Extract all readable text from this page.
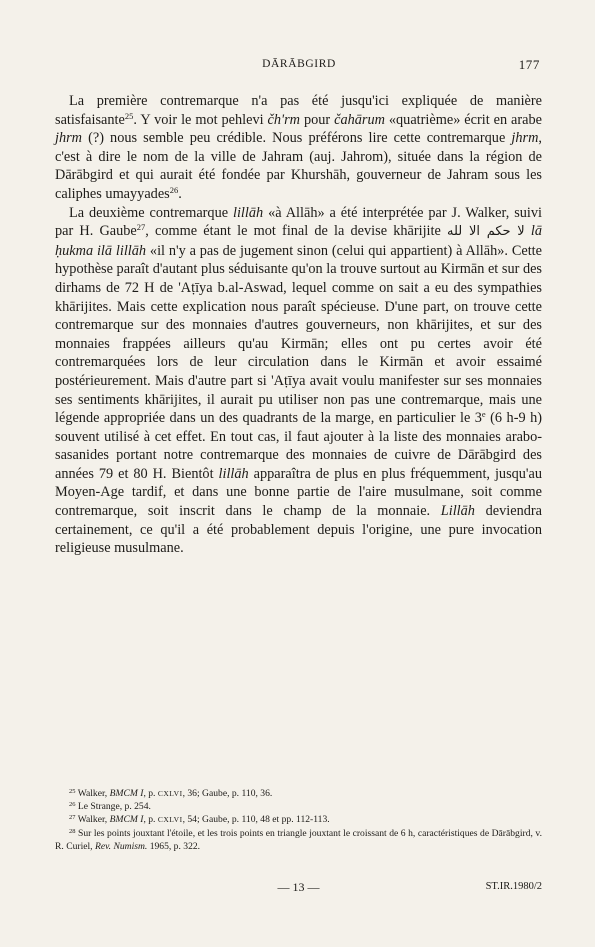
DĀRĀBGIRD	177

La première contremarque n'a pas été jusqu'ici expliquée de manière satisfaisante$^{25}$. Y voir le mot pehlevi čh'rm pour čahārum «quatrième» écrit en arabe jhrm (?) nous semble peu crédible. Nous préférons lire cette contremarque jhrm, c'est à dire le nom de la ville de Jahram (auj. Jahrom), située dans la région de Dārābgird et qui aurait été fondée par Khurshāh, gouverneur de Jahram sous les caliphes umayyades$^{26}$.

La deuxième contremarque lillāh «à Allāh» a été interprétée par J. Walker, suivi par H. Gaube$^{27}$, comme étant le mot final de la devise khārijite لا حكم الا لله lā ḥukma ilā lillāh «il n'y a pas de jugement sinon (celui qui appartient) à Allāh». Cette hypothèse paraît d'autant plus séduisante qu'on la trouve surtout au Kirmān et sur des dirhams de 72 H de 'Aṭīya b.al-Aswad, lequel comme on sait a eu des sympathies khārijites. Mais cette explication nous paraît spécieuse. D'une part, on trouve cette contremarque sur des monnaies d'autres gouverneurs, non khārijites, et sur des monnaies frappées ailleurs qu'au Kirmān; elles ont pu certes avoir été contremarquées lors de leur circulation dans le Kirmān et avoir essaimé postérieurement. Mais d'autre part si 'Aṭīya avait voulu manifester sur ses monnaies ses sentiments khārijites, il aurait pu utiliser non pas une contremarque, mais une légende appropriée dans un des quadrants de la marge, en particulier le 3e (6 h-9 h) souvent utilisé à cet effet. En tout cas, il faut ajouter à la liste des monnaies arabo-sasanides portant notre contremarque des monnaies de cuivre de Dārābgird des années 79 et 80 H. Bientôt lillāh apparaîtra de plus en plus fréquemment, jusqu'au Moyen-Age tardif, et dans une bonne partie de l'aire musulmane, soit comme contremarque, soit inscrit dans le champ de la monnaie. Lillāh deviendra certainement, ce qu'il a été probablement depuis l'origine, une pure invocation religieuse musulmane.

$^{25}$ Walker, BMCM I, p. CXLVI, 36; Gaube, p. 110, 36.

$^{26}$ Le Strange, p. 254.

$^{27}$ Walker, BMCM I, p. CXLVI, 54; Gaube, p. 110, 48 et pp. 112-113.

$^{28}$ Sur les points jouxtant l'étoile, et les trois points en triangle jouxtant le croissant de 6 h, caractéristiques de Dārābgird, v. R. Curiel, Rev. Numism. 1965, p. 322.

— 13 —	ST.IR.1980/2
